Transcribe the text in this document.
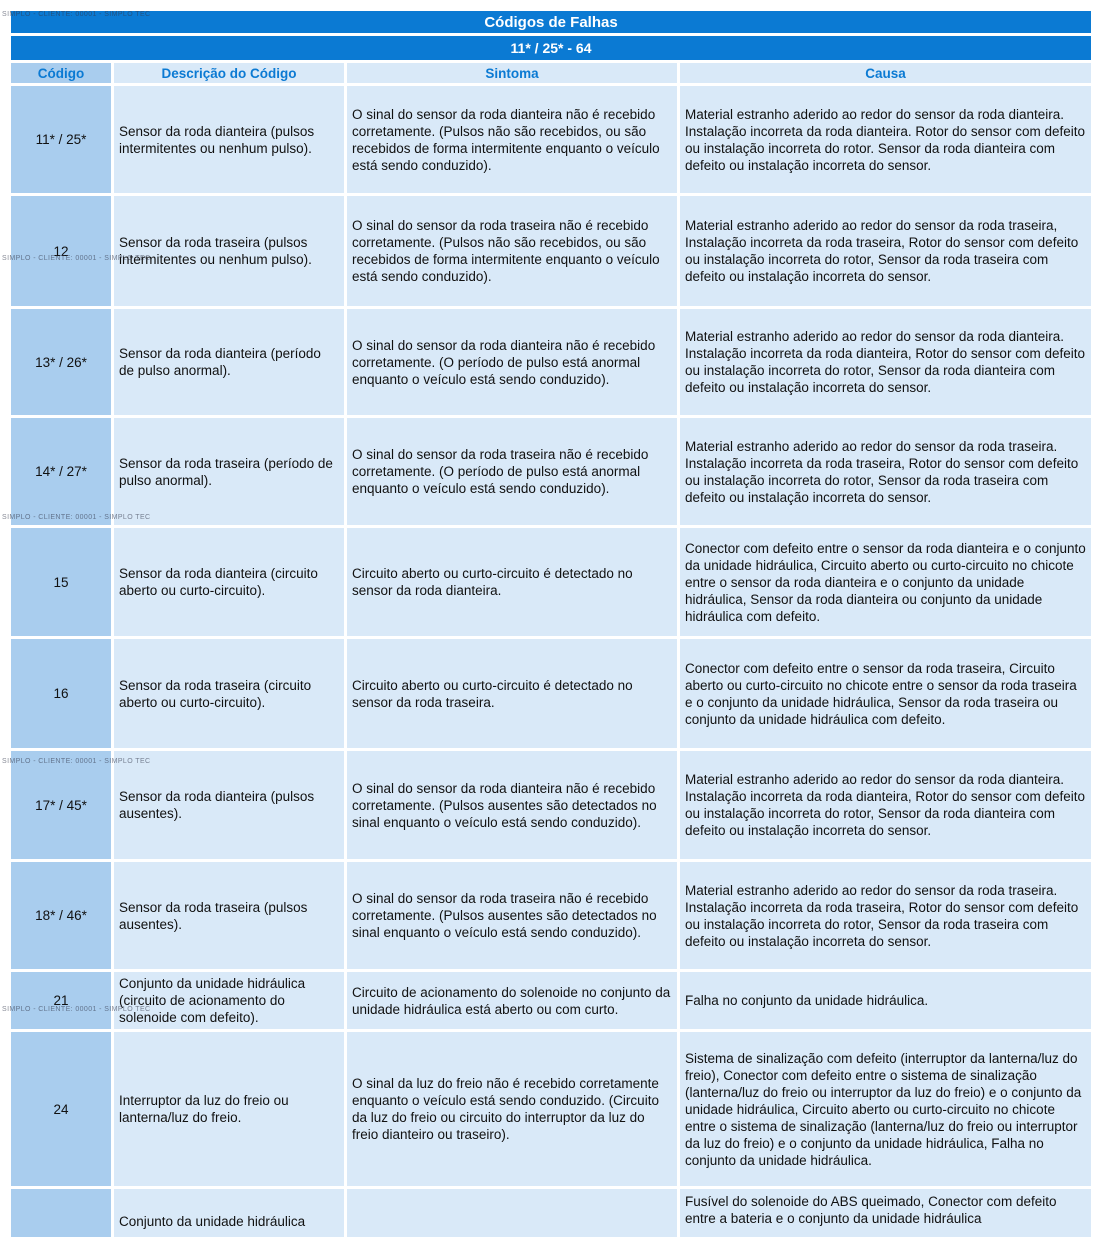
SIMPLO - CLIENTE: 00001 - SIMPLO TEC
SIMPLO - CLIENTE: 00001 - SIMPLO TEC
SIMPLO - CLIENTE: 00001 - SIMPLO TEC
SIMPLO - CLIENTE: 00001 - SIMPLO TEC
SIMPLO - CLIENTE: 00001 - SIMPLO TEC
Códigos de Falhas			
11* / 25* - 64			
Código	Descrição do Código	Sintoma	Causa
11* / 25*	Sensor da roda dianteira (pulsos intermitentes ou nenhum pulso).	O sinal do sensor da roda dianteira não é recebido corretamente. (Pulsos não são recebidos, ou são recebidos de forma intermitente enquanto o veículo está sendo conduzido).	Material estranho aderido ao redor do sensor da roda dianteira. Instalação incorreta da roda dianteira. Rotor do sensor com defeito ou instalação incorreta do rotor. Sensor da roda dianteira com defeito ou instalação incorreta do sensor.
12	Sensor da roda traseira (pulsos intermitentes ou nenhum pulso).	O sinal do sensor da roda traseira não é recebido corretamente. (Pulsos não são recebidos, ou são recebidos de forma intermitente enquanto o veículo está sendo conduzido).	Material estranho aderido ao redor do sensor da roda traseira, Instalação incorreta da roda traseira, Rotor do sensor com defeito ou instalação incorreta do rotor, Sensor da roda traseira com defeito ou instalação incorreta do sensor.
13* / 26*	Sensor da roda dianteira (período de pulso anormal).	O sinal do sensor da roda dianteira não é recebido corretamente. (O período de pulso está anormal enquanto o veículo está sendo conduzido).	Material estranho aderido ao redor do sensor da roda dianteira. Instalação incorreta da roda dianteira, Rotor do sensor com defeito ou instalação incorreta do rotor, Sensor da roda dianteira com defeito ou instalação incorreta do sensor.
14* / 27*	Sensor da roda traseira (período de pulso anormal).	O sinal do sensor da roda traseira não é recebido corretamente. (O período de pulso está anormal enquanto o veículo está sendo conduzido).	Material estranho aderido ao redor do sensor da roda traseira. Instalação incorreta da roda traseira, Rotor do sensor com defeito ou instalação incorreta do rotor, Sensor da roda traseira com defeito ou instalação incorreta do sensor.
15	Sensor da roda dianteira (circuito aberto ou curto-circuito).	Circuito aberto ou curto-circuito é detectado no sensor da roda dianteira.	Conector com defeito entre o sensor da roda dianteira e o conjunto da unidade hidráulica, Circuito aberto ou curto-circuito no chicote entre o sensor da roda dianteira e o conjunto da unidade hidráulica, Sensor da roda dianteira ou conjunto da unidade hidráulica com defeito.
16	Sensor da roda traseira (circuito aberto ou curto-circuito).	Circuito aberto ou curto-circuito é detectado no sensor da roda traseira.	Conector com defeito entre o sensor da roda traseira, Circuito aberto ou curto-circuito no chicote entre o sensor da roda traseira e o conjunto da unidade hidráulica, Sensor da roda traseira ou conjunto da unidade hidráulica com defeito.
17* / 45*	Sensor da roda dianteira (pulsos ausentes).	O sinal do sensor da roda dianteira não é recebido corretamente. (Pulsos ausentes são detectados no sinal enquanto o veículo está sendo conduzido).	Material estranho aderido ao redor do sensor da roda dianteira. Instalação incorreta da roda dianteira, Rotor do sensor com defeito ou instalação incorreta do rotor, Sensor da roda dianteira com defeito ou instalação incorreta do sensor.
18* / 46*	Sensor da roda traseira (pulsos ausentes).	O sinal do sensor da roda traseira não é recebido corretamente. (Pulsos ausentes são detectados no sinal enquanto o veículo está sendo conduzido).	Material estranho aderido ao redor do sensor da roda traseira. Instalação incorreta da roda traseira, Rotor do sensor com defeito ou instalação incorreta do rotor, Sensor da roda traseira com defeito ou instalação incorreta do sensor.
21	Conjunto da unidade hidráulica (circuito de acionamento do solenoide com defeito).	Circuito de acionamento do solenoide no conjunto da unidade hidráulica está aberto ou com curto.	Falha no conjunto da unidade hidráulica.
24	Interruptor da luz do freio ou lanterna/luz do freio.	O sinal da luz do freio não é recebido corretamente enquanto o veículo está sendo conduzido. (Circuito da luz do freio ou circuito do interruptor da luz do freio dianteiro ou traseiro).	Sistema de sinalização com defeito (interruptor da lanterna/luz do freio), Conector com defeito entre o sistema de sinalização (lanterna/luz do freio ou interruptor da luz do freio) e o conjunto da unidade hidráulica, Circuito aberto ou curto-circuito no chicote entre o sistema de sinalização (lanterna/luz do freio ou interruptor da luz do freio) e o conjunto da unidade hidráulica, Falha no conjunto da unidade hidráulica.
	Conjunto da unidade hidráulica		Fusível do solenoide do ABS queimado, Conector com defeito entre a bateria e o conjunto da unidade hidráulica
